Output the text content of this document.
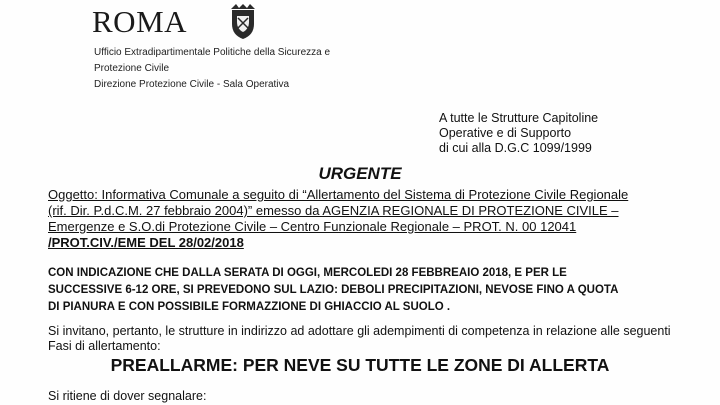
ROMA
Ufficio Extradipartimentale Politiche della Sicurezza e
Protezione Civile
Direzione Protezione Civile - Sala Operativa
A tutte le Strutture Capitoline
Operative e di Supporto
di cui alla D.G.C 1099/1999
URGENTE
Oggetto: Informativa Comunale a seguito di “Allertamento del Sistema di Protezione Civile Regionale
(rif. Dir. P.d.C.M. 27 febbraio 2004)” emesso da AGENZIA REGIONALE DI PROTEZIONE CIVILE –
Emergenze e S.O.di Protezione Civile – Centro Funzionale Regionale – PROT. N. 00 12041
/PROT.CIV./EME DEL 28/02/2018
CON INDICAZIONE CHE DALLA SERATA DI OGGI, MERCOLEDI 28 FEBBREAIO 2018, E PER LE
SUCCESSIVE 6-12 ORE, SI PREVEDONO SUL LAZIO: DEBOLI PRECIPITAZIONI, NEVOSE FINO A QUOTA
DI PIANURA E CON POSSIBILE FORMAZZIONE DI GHIACCIO AL SUOLO .
Si invitano, pertanto, le strutture in indirizzo ad adottare gli adempimenti di competenza in relazione alle seguenti
Fasi di allertamento:
PREALLARME: PER NEVE SU TUTTE LE ZONE DI ALLERTA
Si ritiene di dover segnalare:
